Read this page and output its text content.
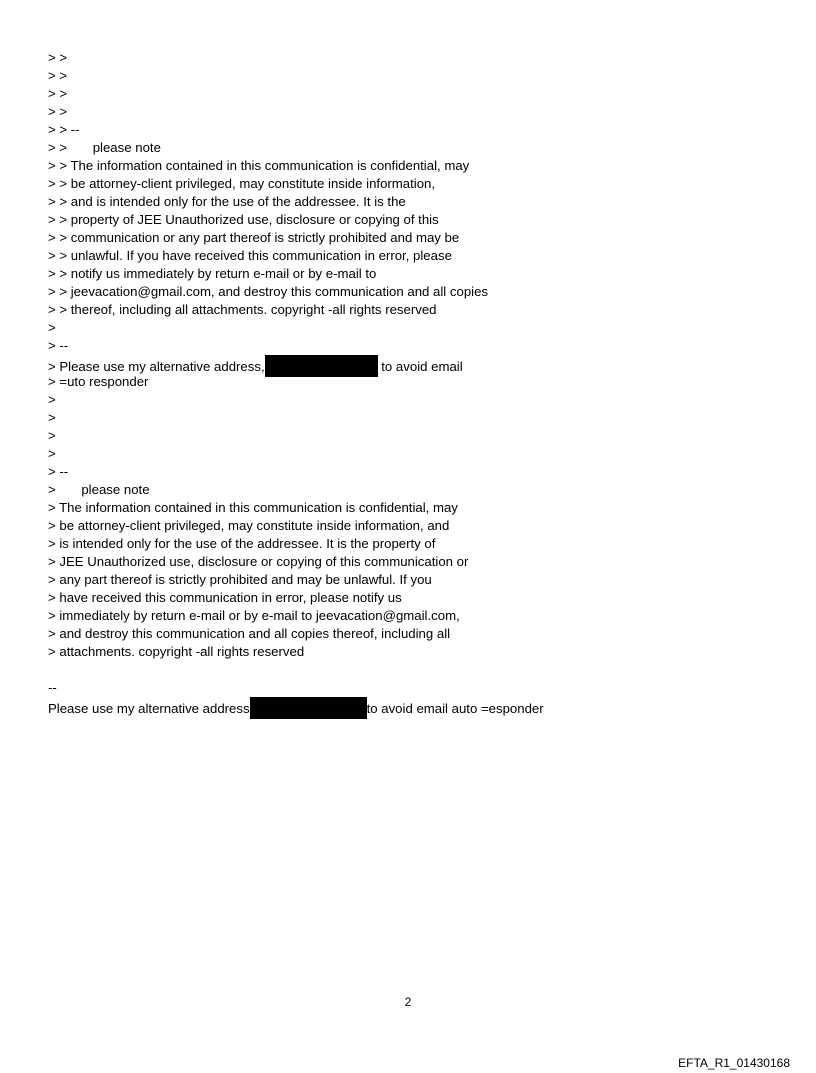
> >
> >
> >
> >
> > --
> >       please note
> > The information contained in this communication is confidential, may
> > be attorney-client privileged, may constitute inside information,
> > and is intended only for the use of the addressee. It is the
> > property of JEE Unauthorized use, disclosure or copying of this
> > communication or any part thereof is strictly prohibited and may be
> > unlawful. If you have received this communication in error, please
> > notify us immediately by return e-mail or by e-mail to
> > jeevacation@gmail.com, and destroy this communication and all copies
> > thereof, including all attachments. copyright -all rights reserved
>
> --
> Please use my alternative address,	to avoid email
> =uto responder
>
>
>
>
> --
>       please note
> The information contained in this communication is confidential, may
> be attorney-client privileged, may constitute inside information, and
> is intended only for the use of the addressee. It is the property of
> JEE Unauthorized use, disclosure or copying of this communication or
> any part thereof is strictly prohibited and may be unlawful. If you
> have received this communication in error, please notify us
> immediately by return e-mail or by e-mail to jeevacation@gmail.com,
> and destroy this communication and all copies thereof, including all
> attachments. copyright -all rights reserved
--
Please use my alternative address	to avoid email auto =esponder
2
EFTA_R1_01430168
